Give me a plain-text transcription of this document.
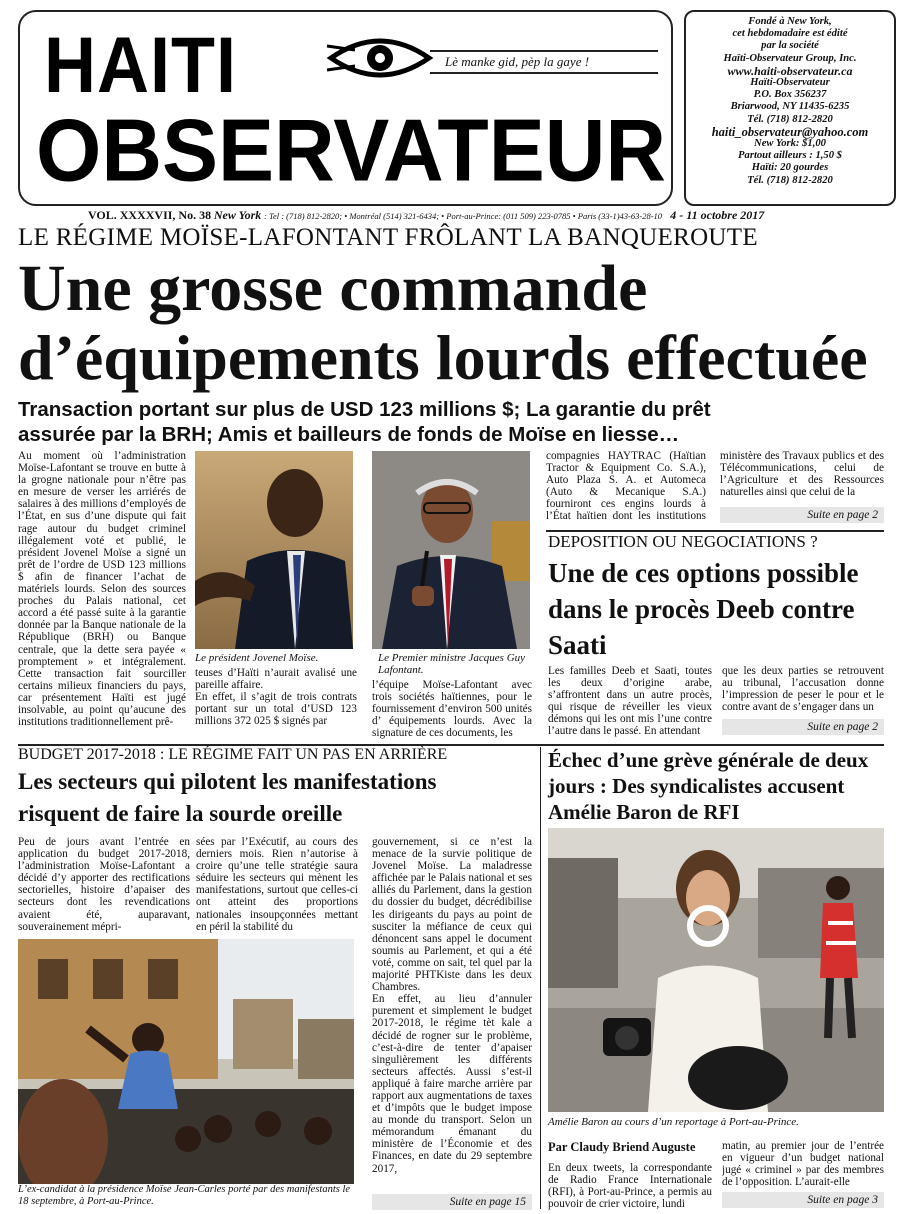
HAITI
OBSERVATEUR
Lè manke gid, pèp la gaye !
Fondé à New York,
cet hebdomadaire est édité
par la société
Haïti-Observateur Group, Inc.
www.haiti-observateur.ca
Haïti-Observateur
P.O. Box 356237
Briarwood, NY 11435-6235
Tél. (718) 812-2820
haiti_observateur@yahoo.com
New York: $1,00
Partout ailleurs : 1,50 $
Haïti: 20 gourdes
Tél. (718) 812-2820
VOL. XXXXVII, No. 38 New York : Tel : (718) 812-2820; • Montréal (514) 321-6434; • Port-au-Prince: (011 509) 223-0785 • Paris (33-1)43-63-28-10 4 - 11 octobre 2017
LE RÉGIME MOÏSE-LAFONTANT FRÔLANT LA BANQUEROUTE
Une grosse commande
d’équipements lourds effectuée
Transaction portant sur plus de USD 123 millions $; La garantie du prêt
assurée par la BRH; Amis et bailleurs de fonds de Moïse en liesse…
Au moment où l’administration Moïse-Lafontant se trouve en butte à la grogne nationale pour n’être pas en mesure de verser les arriérés de salaires à des millions d’employés de l’État, en sus d’une dispute qui fait rage autour du budget criminel illégalement voté et publié, le président Jovenel Moïse a signé un prêt de l’ordre de USD 123 millions $ afin de financer l’achat de matériels lourds. Selon des sources proches du Palais national, cet accord a été passé suite à la garantie donnée par la Banque nationale de la République (BRH) ou Banque centrale, que la dette sera payée « promptement » et intégralement. Cette transaction fait sourciller certains milieux financiers du pays, car présentement Haïti est jugé insolvable, au point qu’aucune des institutions traditionnellement prê-
Le président Jovenel Moïse.
teuses d’Haïti n’aurait avalisé une pareille affaire.
En effet, il s’agit de trois contrats portant sur un total d’USD 123 millions 372 025 $ signés par
Le Premier ministre Jacques Guy Lafontant.
l’équipe Moïse-Lafontant avec trois sociétés haïtiennes, pour le fournissement d’environ 500 unités d’ équipements lourds. Avec la signature de ces documents, les
compagnies HAYTRAC (Haïtian Tractor & Equipment Co. S.A.), Auto Plaza S. A. et Automeca (Auto & Mecanique S.A.) fourniront ces engins lourds à l’État haïtien dont les institutions
ministère des Travaux publics et des Télécommunications, celui de l’Agriculture et des Ressources naturelles ainsi que celui de la
Suite en page 2
DEPOSITION OU NEGOCIATIONS ?
Une de ces options possible dans le procès Deeb contre Saati
Les familles Deeb et Saati, toutes les deux d’origine arabe, s’affrontent dans un autre procès, qui risque de réveiller les vieux démons qui les ont mis l’une contre l’autre dans le passé. En attendant
que les deux parties se retrouvent au tribunal, l’accusation donne l’impression de peser le pour et le contre avant de s’engager dans un
Suite en page 2
BUDGET 2017-2018 : LE RÉGIME FAIT UN PAS EN ARRIÈRE
Les secteurs qui pilotent les manifestations
risquent de faire la sourde oreille
Peu de jours avant l’entrée en application du budget 2017-2018, l’administration Moïse-Lafontant a décidé d’y apporter des rectifications sectorielles, histoire d’apaiser des secteurs dont les revendications avaient été, auparavant, souverainement mépri-
sées par l’Exécutif, au cours des derniers mois. Rien n’autorise à croire qu’une telle stratégie saura séduire les secteurs qui mènent les manifestations, surtout que celles-ci ont atteint des proportions nationales insoupçonnées mettant en péril la stabilité du
gouvernement, si ce n’est la menace de la survie politique de Jovenel Moïse. La maladresse affichée par le Palais national et ses alliés du Parlement, dans la gestion du dossier du budget, décrédibilise les dirigeants du pays au point de susciter la méfiance de ceux qui dénoncent sans appel le document soumis au Parlement, et qui a été voté, comme on sait, tel quel par la majorité PHTKiste dans les deux Chambres.
En effet, au lieu d’annuler purement et simplement le budget 2017-2018, le régime tèt kale a décidé de rogner sur le problème, c’est-à-dire de tenter d’apaiser singulièrement les différents secteurs affectés. Aussi s’est-il appliqué à faire marche arrière par rapport aux augmentations de taxes et d’impôts que le budget impose au monde du transport. Selon un mémorandum émanant du ministère de l’Économie et des Finances, en date du 29 septembre 2017,
L’ex-candidat à la présidence Moïse Jean-Carles porté par des manifestants le 18 septembre, à Port-au-Prince.	Suite en page 15
Échec d’une grève générale de deux jours : Des syndicalistes accusent Amélie Baron de RFI
Amélie Baron au cours d’un reportage à Port-au-Prince.
Par Claudy Briend Auguste
En deux tweets, la correspondante de Radio France Internationale (RFI), à Port-au-Prince, a permis au pouvoir de crier victoire, lundi
matin, au premier jour de l’entrée en vigueur d’un budget national jugé « criminel » par des membres de l’opposition. L’aurait-elle
Suite en page 3
